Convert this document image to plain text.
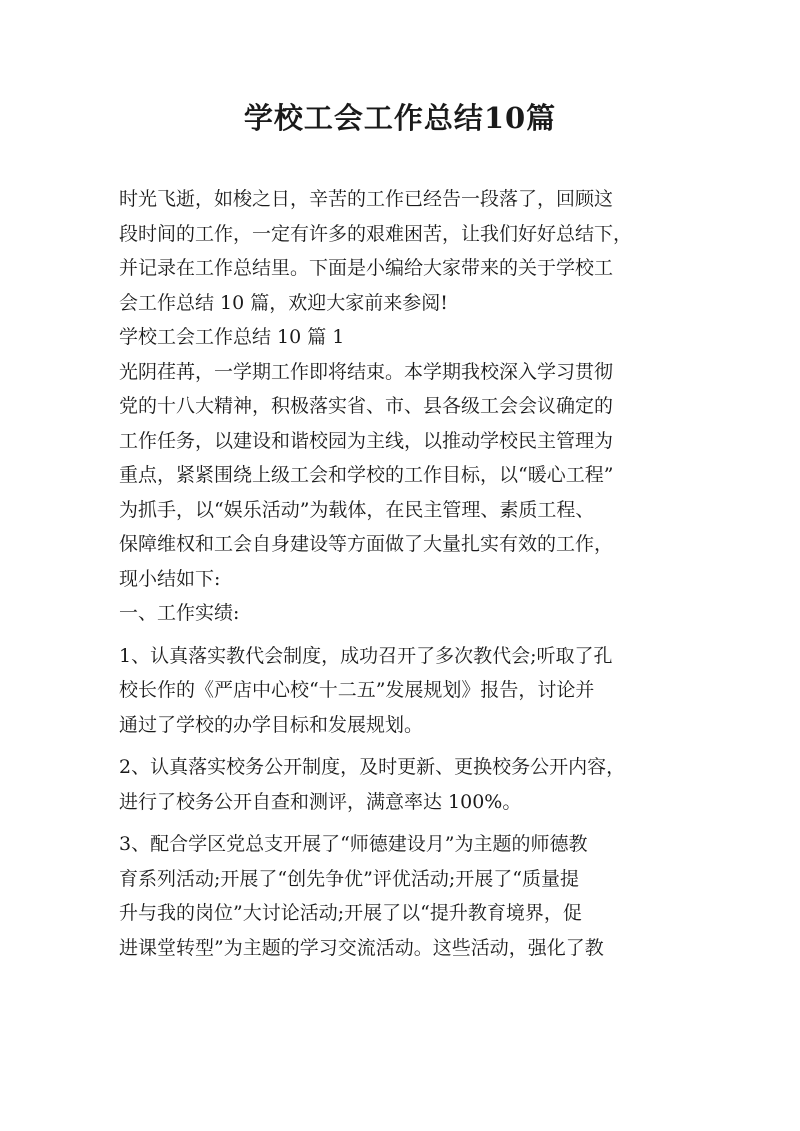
学校工会工作总结10篇

时光飞逝，如梭之日，辛苦的工作已经告一段落了，回顾这
段时间的工作，一定有许多的艰难困苦，让我们好好总结下，
并记录在工作总结里。下面是小编给大家带来的关于学校工
会工作总结 10 篇，欢迎大家前来参阅!

学校工会工作总结 10 篇 1

光阴荏苒，一学期工作即将结束。本学期我校深入学习贯彻
党的十八大精神，积极落实省、市、县各级工会会议确定的
工作任务，以建设和谐校园为主线，以推动学校民主管理为
重点，紧紧围绕上级工会和学校的工作目标，以“暖心工程”
为抓手，以“娱乐活动”为载体，在民主管理、素质工程、
保障维权和工会自身建设等方面做了大量扎实有效的工作，
现小结如下:

一、工作实绩:

1、认真落实教代会制度，成功召开了多次教代会;听取了孔
校长作的《严店中心校“十二五”发展规划》报告，讨论并
通过了学校的办学目标和发展规划。

2、认真落实校务公开制度，及时更新、更换校务公开内容，
进行了校务公开自查和测评，满意率达 100%。

3、配合学区党总支开展了“师德建设月”为主题的师德教
育系列活动;开展了“创先争优”评优活动;开展了“质量提
升与我的岗位”大讨论活动;开展了以“提升教育境界，促
进课堂转型”为主题的学习交流活动。这些活动，强化了教
